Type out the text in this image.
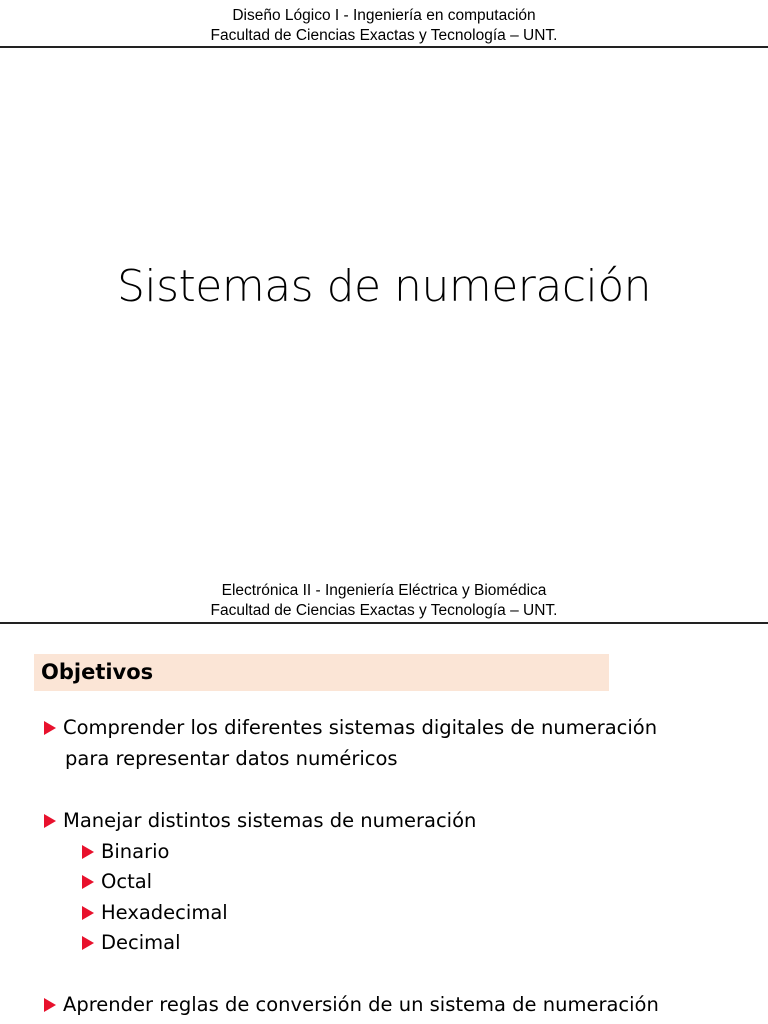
Diseño Lógico I - Ingeniería en computación
Facultad de Ciencias Exactas y Tecnología – UNT.
Sistemas de numeración
Electrónica II - Ingeniería Eléctrica y Biomédica
Facultad de Ciencias Exactas y Tecnología – UNT.
Objetivos
Comprender los diferentes sistemas digitales de numeración
para representar datos numéricos
Manejar distintos sistemas de numeración
Binario
Octal
Hexadecimal
Decimal
Aprender reglas de conversión de un sistema de numeración
